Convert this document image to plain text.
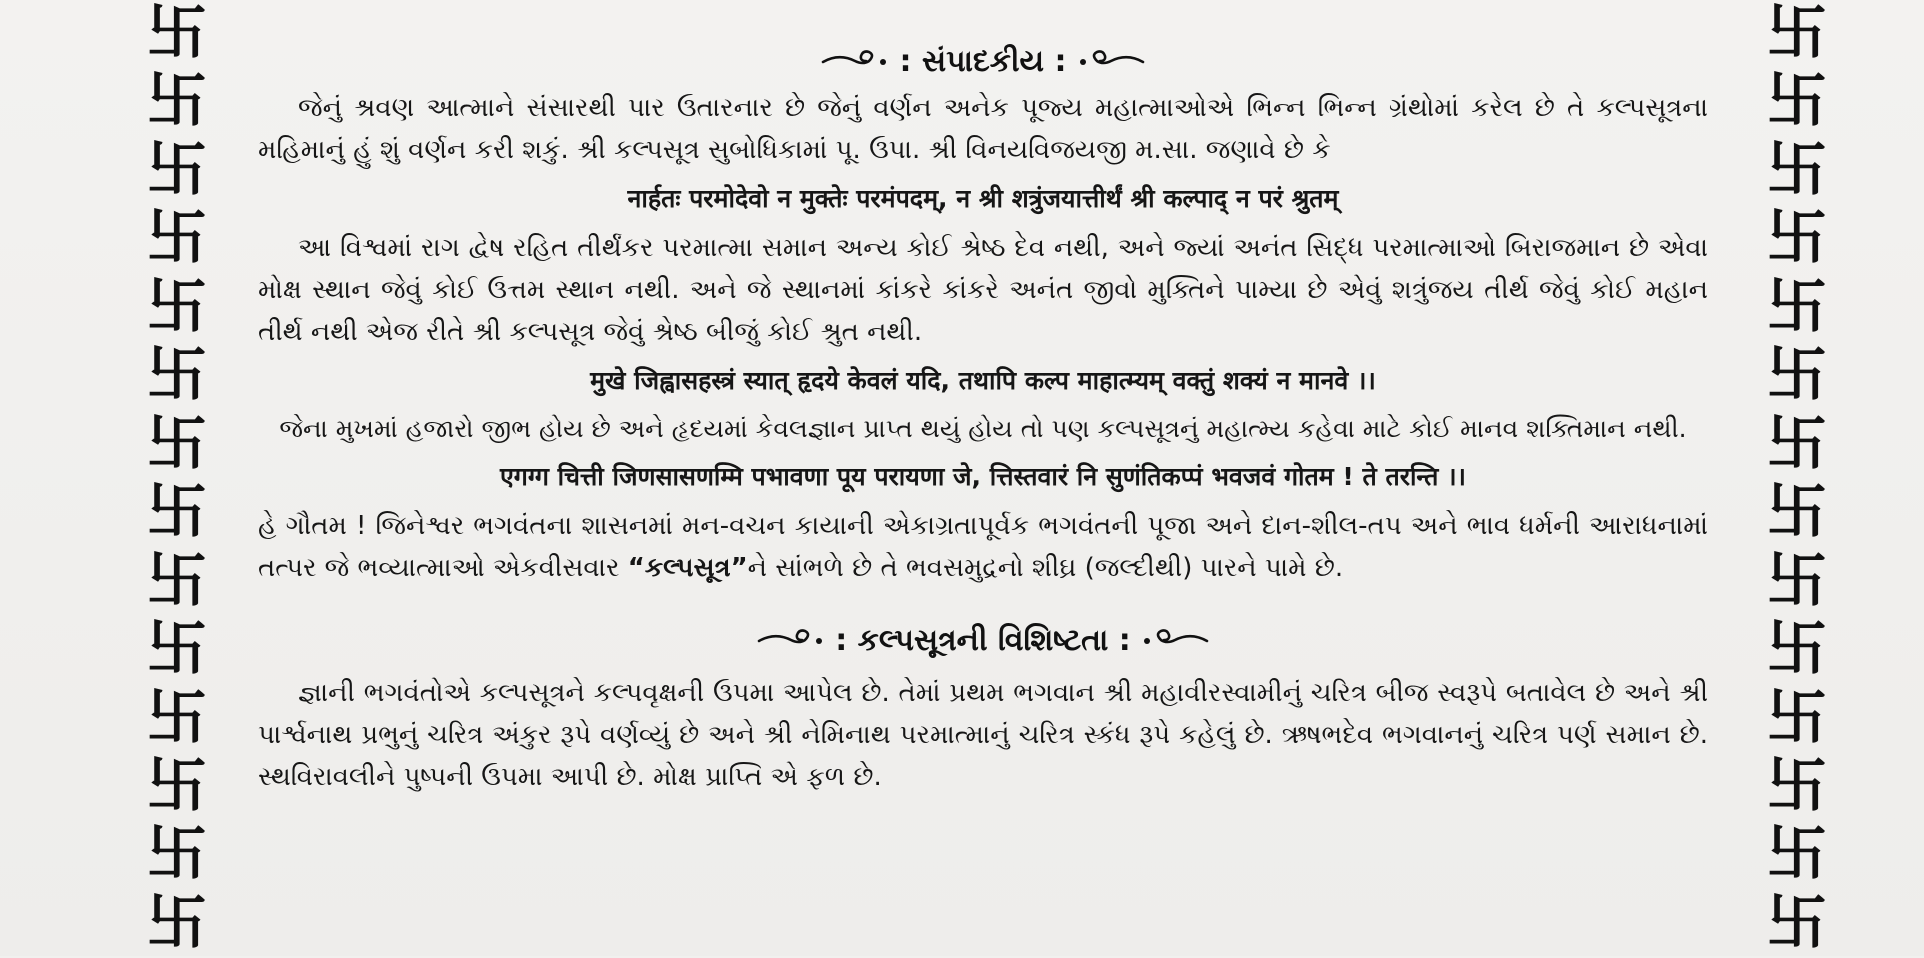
卐
卐
卐
卐
卐
卐
卐
卐
卐
卐
卐
卐
卐
卐
卐
卐
卐
卐
卐
卐
卐
卐
卐
卐
卐
卐
卐
卐
: સંપાદકીય :

જેનું શ્રવણ આત્માને સંસારથી પાર ઉતારનાર છે જેનું વર્ણન અનેક પૂજ્ય મહાત્માઓએ ભિન્ન ભિન્ન ગ્રંથોમાં કરેલ છે તે કલ્પસૂત્રના મહિમાનું હું શું વર્ણન કરી શકું. શ્રી કલ્પસૂત્ર સુબોધિકામાં પૂ. ઉપા. શ્રી વિનયવિજયજી મ.સા. જણાવે છે કે

नार्हतः परमोदेवो न मुक्तेः परमंपदम्, न श्री शत्रुंजयात्तीर्थं श्री कल्पाद् न परं श्रुतम्

આ વિશ્વમાં રાગ દ્વેષ રહિત તીર્થંકર પરમાત્મા સમાન અન્ય કોઈ શ્રેષ્ઠ દેવ નથી, અને જ્યાં અનંત સિદ્ધ પરમાત્માઓ બિરાજમાન છે એવા મોક્ષ સ્થાન જેવું કોઈ ઉત્તમ સ્થાન નથી. અને જે સ્થાનમાં કાંકરે કાંકરે અનંત જીવો મુક્તિને પામ્યા છે એવું શત્રુંજય તીર્થ જેવું કોઈ મહાન તીર્થ નથી એજ રીતે શ્રી કલ્પસૂત્ર જેવું શ્રેષ્ઠ બીજું કોઈ શ્રુત નથી.

मुखे जिह्वासहस्त्रं स्यात् हृदये केवलं यदि, तथापि कल्प माहात्म्यम् वक्तुं शक्यं न मानवे ।।

જેના મુખમાં હજારો જીભ હોય છે અને હૃદયમાં કેવલજ્ઞાન પ્રાપ્ત થયું હોય તો પણ કલ્પસૂત્રનું મહાત્મ્ય કહેવા માટે કોઈ માનવ શક્તિમાન નથી.

एगग्ग चित्ती जिणसासणम्मि पभावणा पूय परायणा जे, त्तिस्तवारं नि सुणंतिकप्पं भवजवं गोतम ! ते तरन्ति ।।

હે ગૌતમ ! જિનેશ્વર ભગવંતના શાસનમાં મન-વચન કાયાની એકાગ્રતાપૂર્વક ભગવંતની પૂજા અને દાન-શીલ-તપ અને ભાવ ધર્મની આરાધનામાં તત્પર જે ભવ્યાત્માઓ એકવીસવાર “કલ્પસૂત્ર”ને સાંભળે છે તે ભવસમુદ્રનો શીઘ્ર (જલ્દીથી) પારને પામે છે.

: કલ્પસૂત્રની વિશિષ્ટતા :

જ્ઞાની ભગવંતોએ કલ્પસૂત્રને કલ્પવૃક્ષની ઉપમા આપેલ છે. તેમાં પ્રથમ ભગવાન શ્રી મહાવીરસ્વામીનું ચરિત્ર બીજ સ્વરૂપે બતાવેલ છે અને શ્રી પાર્શ્વનાથ પ્રભુનું ચરિત્ર અંકુર રૂપે વર્ણવ્યું છે અને શ્રી નેમિનાથ પરમાત્માનું ચરિત્ર સ્કંધ રૂપે કહેલું છે. ઋષભદેવ ભગવાનનું ચરિત્ર પર્ણ સમાન છે. સ્થવિરાવલીને પુષ્પની ઉપમા આપી છે. મોક્ષ પ્રાપ્તિ એ ફળ છે.
